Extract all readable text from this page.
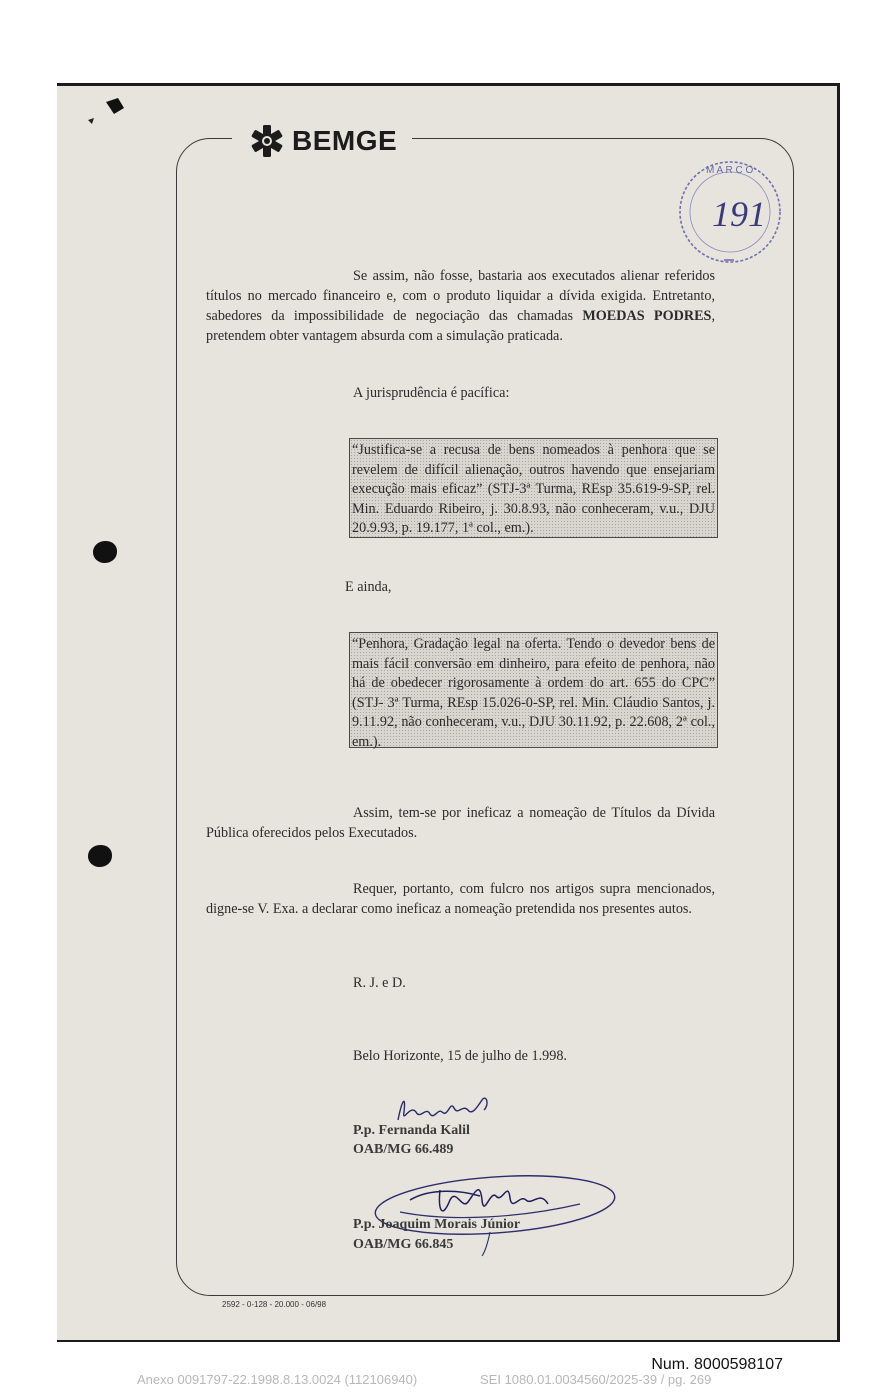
BEMGE
M A R C O
191
Se assim, não fosse, bastaria aos executados alienar referidos títulos no mercado financeiro e, com o produto liquidar a dívida exigida. Entretanto, sabedores da impossibilidade de negociação das chamadas MOEDAS PODRES, pretendem obter vantagem absurda com a simulação praticada.
A jurisprudência é pacífica:
“Justifica-se a recusa de bens nomeados à penhora que se revelem de difícil alienação, outros havendo que ensejariam execução mais eficaz” (STJ-3ª Turma, REsp 35.619-9-SP, rel. Min. Eduardo Ribeiro, j. 30.8.93, não conheceram, v.u., DJU 20.9.93, p. 19.177, 1ª col., em.).
E ainda,
“Penhora, Gradação legal na oferta. Tendo o devedor bens de mais fácil conversão em dinheiro, para efeito de penhora, não há de obedecer rigorosamente à ordem do art. 655 do CPC” (STJ- 3ª Turma, REsp 15.026-0-SP, rel. Min. Cláudio Santos, j. 9.11.92, não conheceram, v.u., DJU 30.11.92, p. 22.608, 2ª col., em.).
Assim, tem-se por ineficaz a nomeação de Títulos da Dívida Pública oferecidos pelos Executados.
Requer, portanto, com fulcro nos artigos supra mencionados, digne-se V. Exa. a declarar como ineficaz a nomeação pretendida nos presentes autos.
R. J. e D.
Belo Horizonte, 15 de julho de 1.998.
P.p. Fernanda Kalil
OAB/MG 66.489
P.p. Joaquim Morais Júnior
OAB/MG 66.845
2592 - 0-128 - 20.000 - 06/98
Num. 8000598107
Anexo 0091797-22.1998.8.13.0024 (112106940)	SEI 1080.01.0034560/2025-39 / pg. 269
